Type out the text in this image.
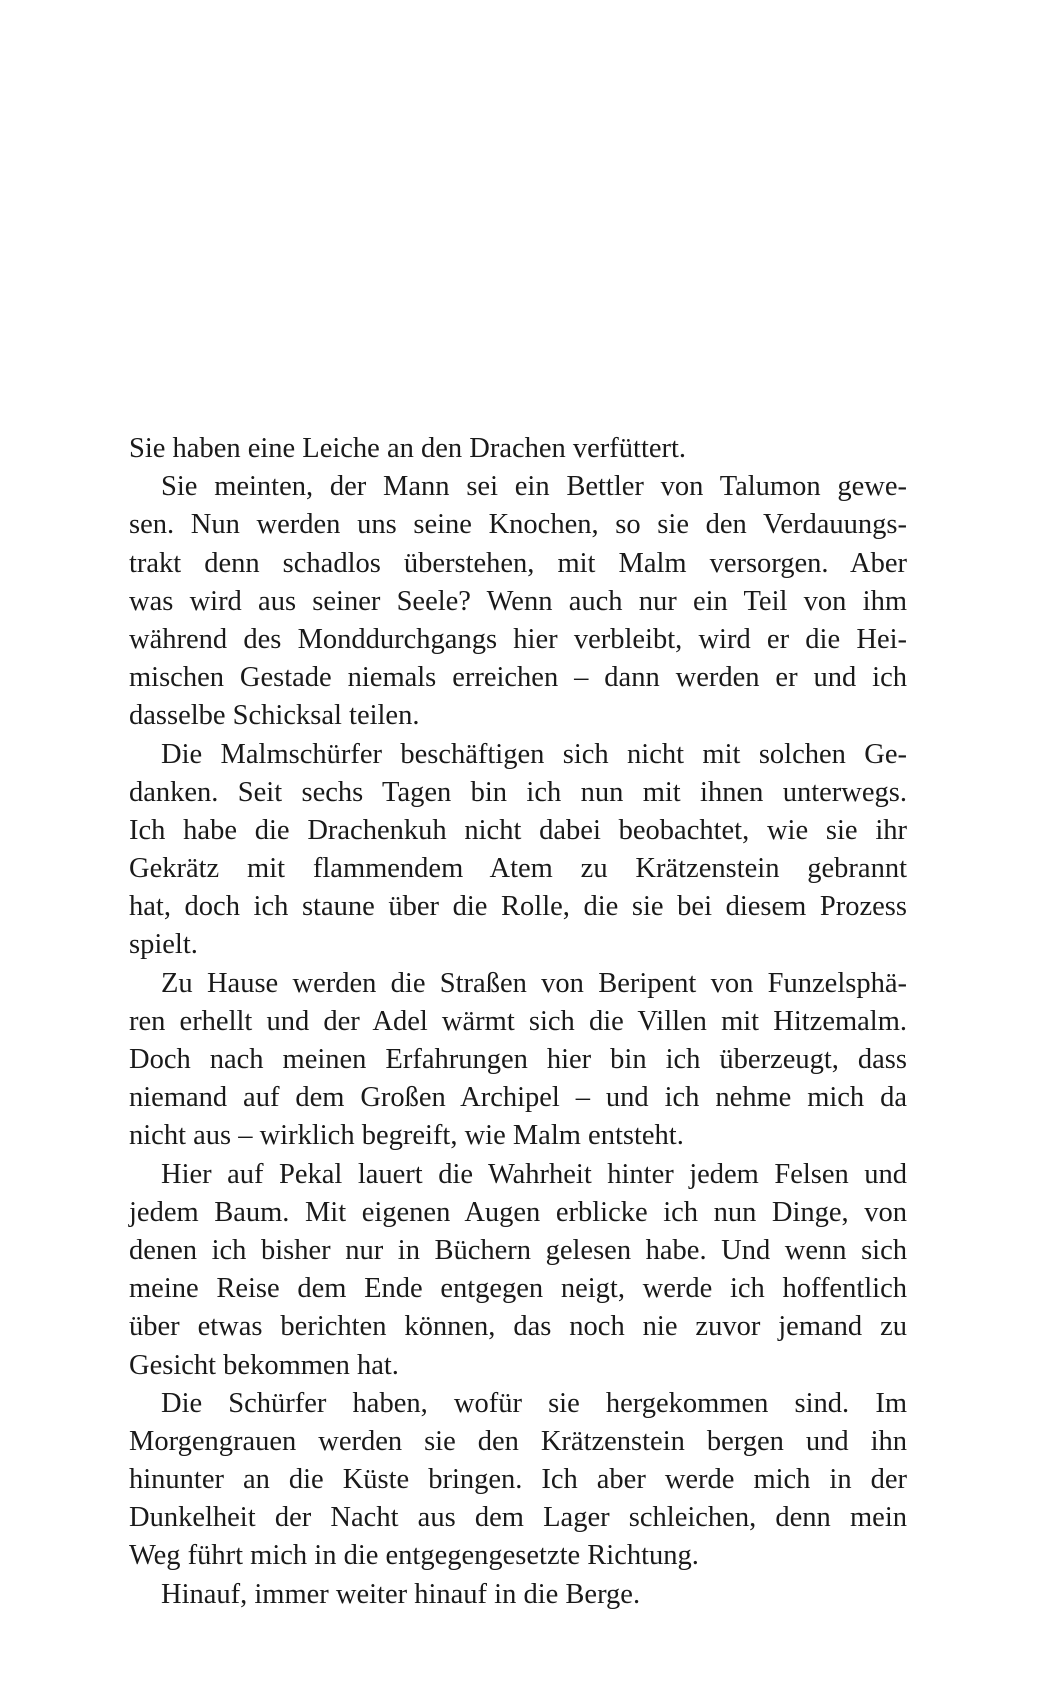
Sie haben eine Leiche an den Drachen verfüttert.
Sie meinten, der Mann sei ein Bettler von Talumon gewe-
sen. Nun werden uns seine Knochen, so sie den Verdauungs-
trakt denn schadlos überstehen, mit Malm versorgen. Aber
was wird aus seiner Seele? Wenn auch nur ein Teil von ihm
während des Monddurchgangs hier verbleibt, wird er die Hei-
mischen Gestade niemals erreichen – dann werden er und ich
dasselbe Schicksal teilen.
Die Malmschürfer beschäftigen sich nicht mit solchen Ge-
danken. Seit sechs Tagen bin ich nun mit ihnen unterwegs.
Ich habe die Drachenkuh nicht dabei beobachtet, wie sie ihr
Gekrätz mit flammendem Atem zu Krätzenstein gebrannt
hat, doch ich staune über die Rolle, die sie bei diesem Prozess
spielt.
Zu Hause werden die Straßen von Beripent von Funzelsphä-
ren erhellt und der Adel wärmt sich die Villen mit Hitzemalm.
Doch nach meinen Erfahrungen hier bin ich überzeugt, dass
niemand auf dem Großen Archipel – und ich nehme mich da
nicht aus – wirklich begreift, wie Malm entsteht.
Hier auf Pekal lauert die Wahrheit hinter jedem Felsen und
jedem Baum. Mit eigenen Augen erblicke ich nun Dinge, von
denen ich bisher nur in Büchern gelesen habe. Und wenn sich
meine Reise dem Ende entgegen neigt, werde ich hoffentlich
über etwas berichten können, das noch nie zuvor jemand zu
Gesicht bekommen hat.
Die Schürfer haben, wofür sie hergekommen sind. Im
Morgengrauen werden sie den Krätzenstein bergen und ihn
hinunter an die Küste bringen. Ich aber werde mich in der
Dunkelheit der Nacht aus dem Lager schleichen, denn mein
Weg führt mich in die entgegengesetzte Richtung.
Hinauf, immer weiter hinauf in die Berge.
